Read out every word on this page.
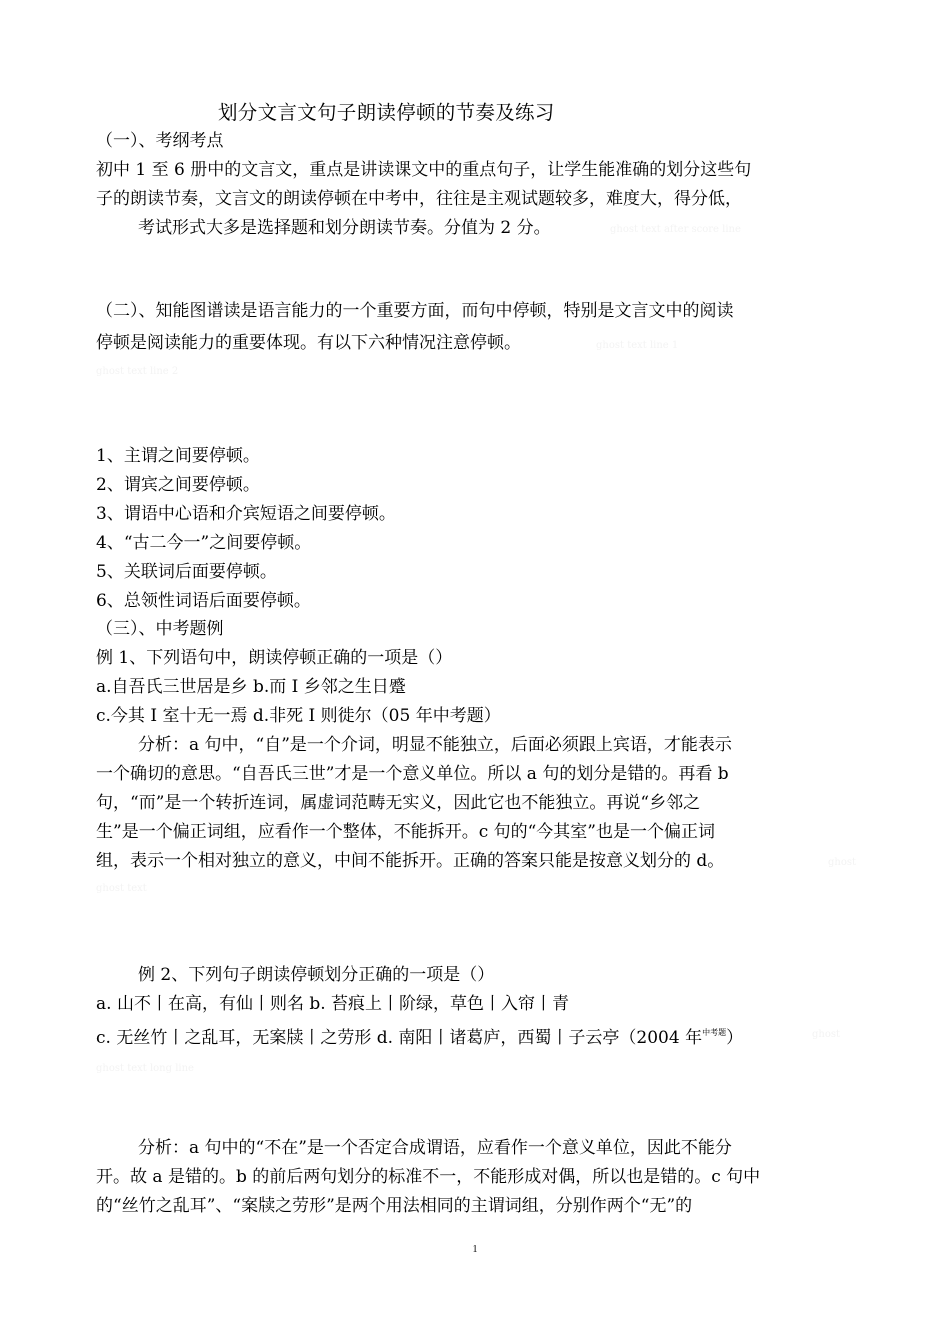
划分文言文句子朗读停顿的节奏及练习
（一）、考纲考点
初中 1 至 6 册中的文言文，重点是讲读课文中的重点句子，让学生能准确的划分这些句
子的朗读节奏，文言文的朗读停顿在中考中，往往是主观试题较多，难度大，得分低，
考试形式大多是选择题和划分朗读节奏。分值为 2 分。
（二）、知能图谱读是语言能力的一个重要方面，而句中停顿，特别是文言文中的阅读
停顿是阅读能力的重要体现。有以下六种情况注意停顿。
1、主谓之间要停顿。
2、谓宾之间要停顿。
3、谓语中心语和介宾短语之间要停顿。
4、“古二今一”之间要停顿。
5、关联词后面要停顿。
6、总领性词语后面要停顿。
（三）、中考题例
例 1、下列语句中，朗读停顿正确的一项是（）
a.自吾氏三世居是乡 b.而 I 乡邻之生日蹙
c.今其 I 室十无一焉 d.非死 I 则徙尔（05 年中考题）
分析：a 句中，“自”是一个介词，明显不能独立，后面必须跟上宾语，才能表示
一个确切的意思。“自吾氏三世”才是一个意义单位。所以 a 句的划分是错的。再看 b
句，“而”是一个转折连词，属虚词范畴无实义，因此它也不能独立。再说“乡邻之
生”是一个偏正词组，应看作一个整体，不能拆开。c 句的“今其室”也是一个偏正词
组，表示一个相对独立的意义，中间不能拆开。正确的答案只能是按意义划分的 d。
例 2、下列句子朗读停顿划分正确的一项是（）
a. 山不丨在高，有仙丨则名 b. 苔痕上丨阶绿，草色丨入帘丨青
c. 无丝竹丨之乱耳，无案牍丨之劳形 d. 南阳丨诸葛庐，西蜀丨子云亭（2004 年$^{中考题}$）
分析：a 句中的“不在”是一个否定合成谓语，应看作一个意义单位，因此不能分
开。故 a 是错的。b 的前后两句划分的标准不一，不能形成对偶，所以也是错的。c 句中
的“丝竹之乱耳”、“案牍之劳形”是两个用法相同的主谓词组，分别作两个“无”的
ghost text after score line
ghost text line 1
ghost text line 2
ghost
ghost text
ghost
ghost text long line
1
